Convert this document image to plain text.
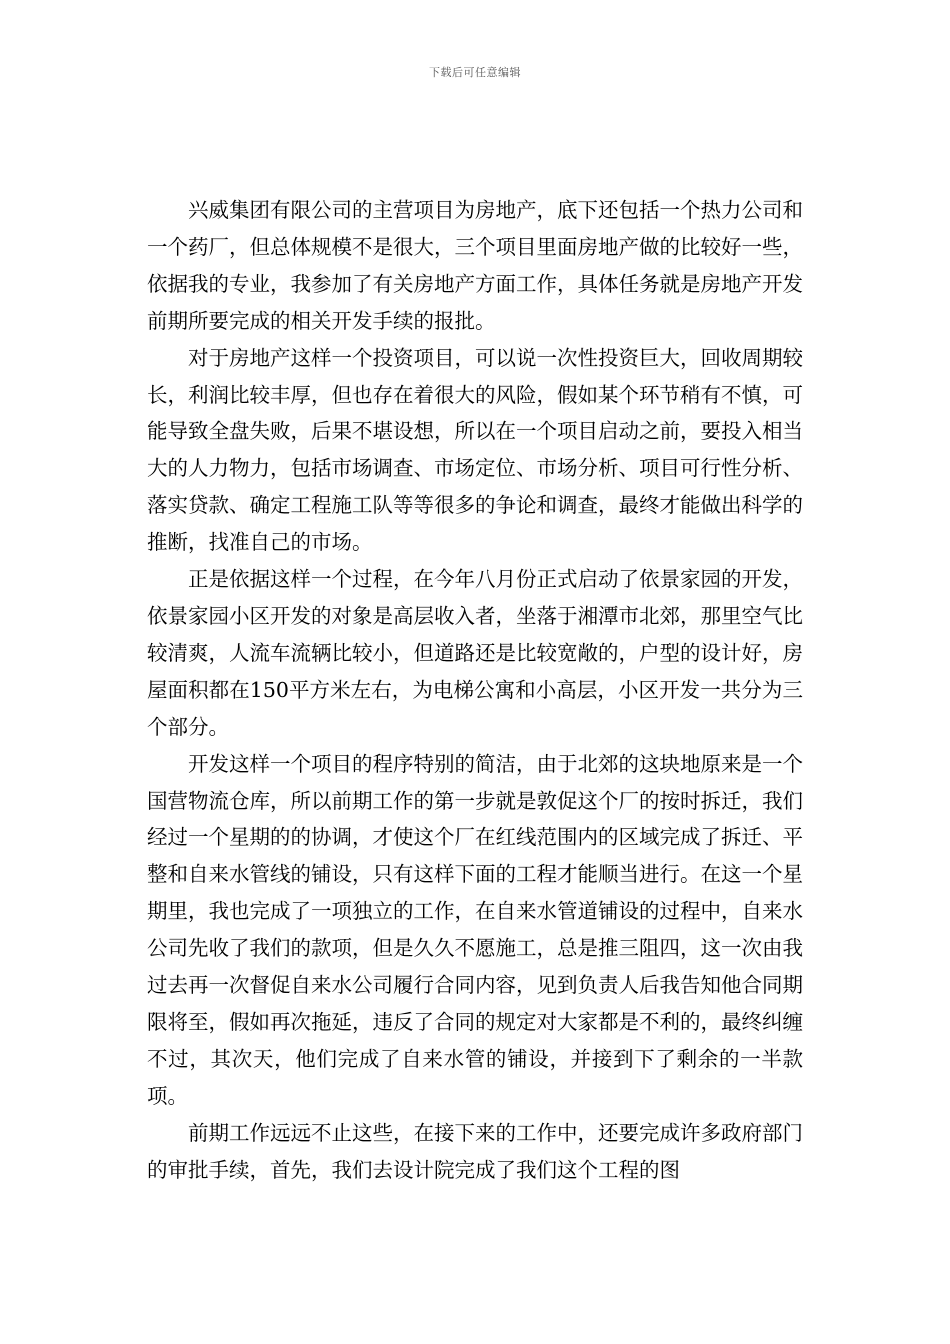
下载后可任意编辑

兴威集团有限公司的主营项目为房地产，底下还包括一个热力公司和一个药厂，但总体规模不是很大，三个项目里面房地产做的比较好一些，依据我的专业，我参加了有关房地产方面工作，具体任务就是房地产开发前期所要完成的相关开发手续的报批。

对于房地产这样一个投资项目，可以说一次性投资巨大，回收周期较长，利润比较丰厚，但也存在着很大的风险，假如某个环节稍有不慎，可能导致全盘失败，后果不堪设想，所以在一个项目启动之前，要投入相当大的人力物力，包括市场调查、市场定位、市场分析、项目可行性分析、落实贷款、确定工程施工队等等很多的争论和调查，最终才能做出科学的推断，找准自己的市场。

正是依据这样一个过程，在今年八月份正式启动了依景家园的开发，依景家园小区开发的对象是高层收入者，坐落于湘潭市北郊，那里空气比较清爽，人流车流辆比较小，但道路还是比较宽敞的，户型的设计好，房屋面积都在150平方米左右，为电梯公寓和小高层，小区开发一共分为三个部分。

开发这样一个项目的程序特别的简洁，由于北郊的这块地原来是一个国营物流仓库，所以前期工作的第一步就是敦促这个厂的按时拆迁，我们经过一个星期的的协调，才使这个厂在红线范围内的区域完成了拆迁、平整和自来水管线的铺设，只有这样下面的工程才能顺当进行。在这一个星期里，我也完成了一项独立的工作，在自来水管道铺设的过程中，自来水公司先收了我们的款项，但是久久不愿施工，总是推三阻四，这一次由我过去再一次督促自来水公司履行合同内容，见到负责人后我告知他合同期限将至，假如再次拖延，违反了合同的规定对大家都是不利的，最终纠缠不过，其次天，他们完成了自来水管的铺设，并接到下了剩余的一半款项。

前期工作远远不止这些，在接下来的工作中，还要完成许多政府部门的审批手续，首先，我们去设计院完成了我们这个工程的图
